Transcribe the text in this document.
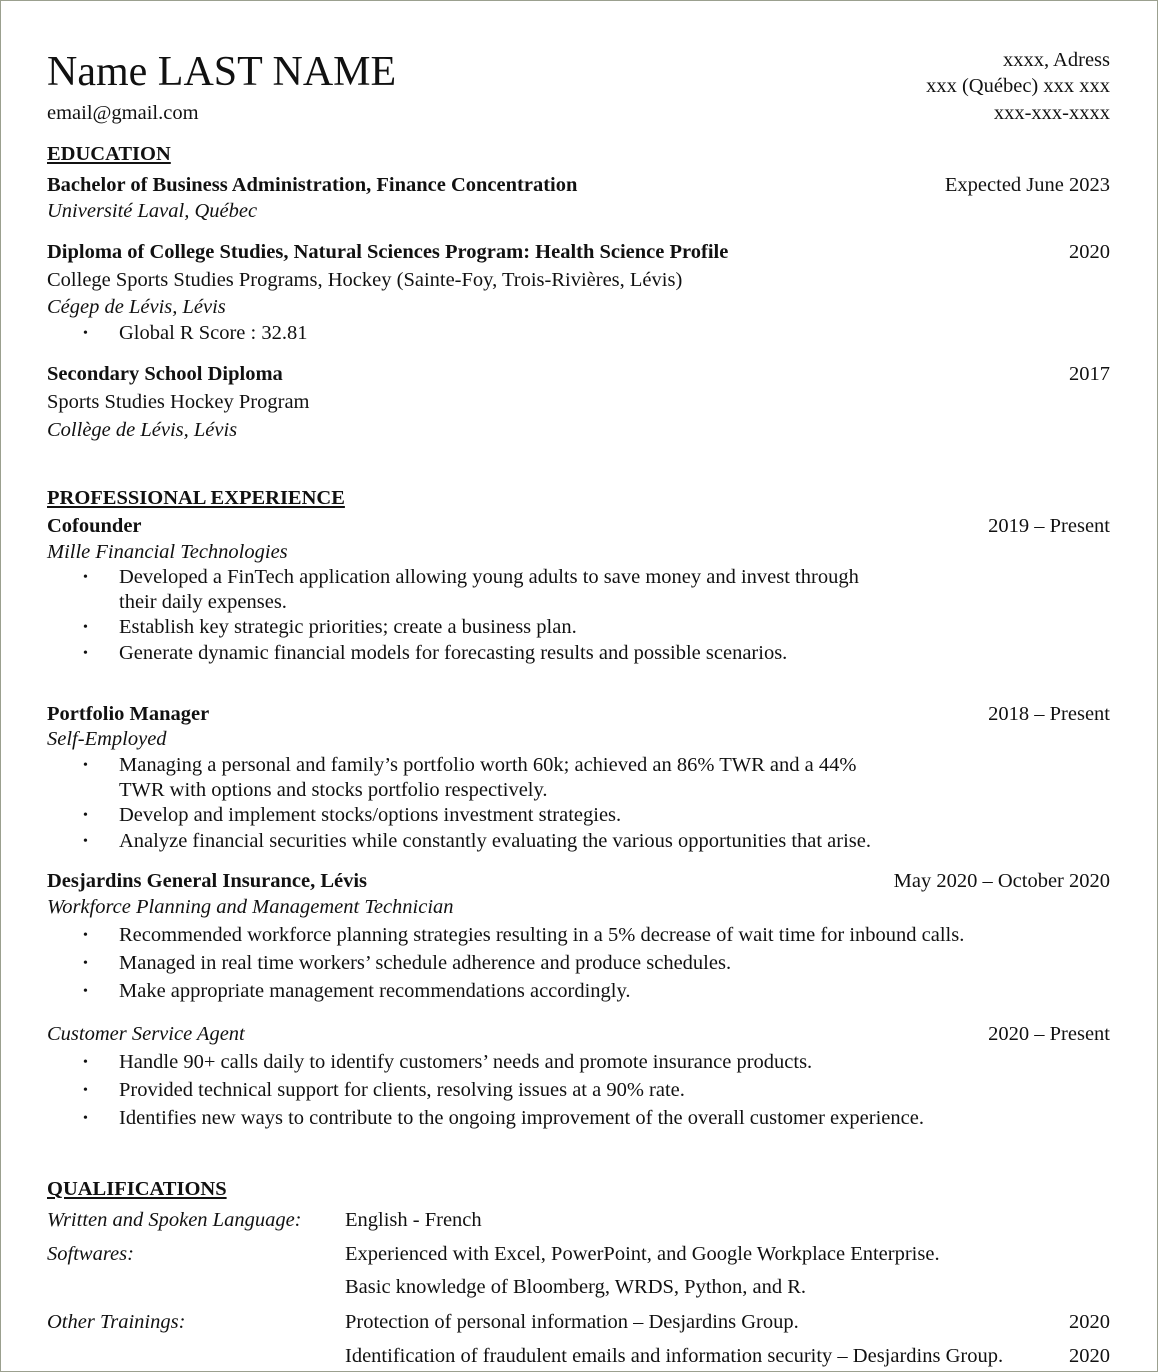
Name LAST NAME
email@gmail.com
xxxx, Adress
xxx (Québec) xxx xxx
xxx-xxx-xxxx
EDUCATION
Bachelor of Business Administration, Finance Concentration	Expected June 2023
Université Laval, Québec
Diploma of College Studies, Natural Sciences Program: Health Science Profile	2020
College Sports Studies Programs, Hockey (Sainte-Foy, Trois-Rivières, Lévis)
Cégep de Lévis, Lévis
• Global R Score : 32.81
Secondary School Diploma	2017
Sports Studies Hockey Program
Collège de Lévis, Lévis
PROFESSIONAL EXPERIENCE
Cofounder	2019 – Present
Mille Financial Technologies
• Developed a FinTech application allowing young adults to save money and invest through
their daily expenses.
• Establish key strategic priorities; create a business plan.
• Generate dynamic financial models for forecasting results and possible scenarios.
Portfolio Manager	2018 – Present
Self-Employed
• Managing a personal and family’s portfolio worth 60k; achieved an 86% TWR and a 44%
TWR with options and stocks portfolio respectively.
• Develop and implement stocks/options investment strategies.
• Analyze financial securities while constantly evaluating the various opportunities that arise.
Desjardins General Insurance, Lévis	May 2020 – October 2020
Workforce Planning and Management Technician
• Recommended workforce planning strategies resulting in a 5% decrease of wait time for inbound calls.
• Managed in real time workers’ schedule adherence and produce schedules.
• Make appropriate management recommendations accordingly.
Customer Service Agent	2020 – Present
• Handle 90+ calls daily to identify customers’ needs and promote insurance products.
• Provided technical support for clients, resolving issues at a 90% rate.
• Identifies new ways to contribute to the ongoing improvement of the overall customer experience.
QUALIFICATIONS
Written and Spoken Language: English - French
Softwares:	Experienced with Excel, PowerPoint, and Google Workplace Enterprise.
Basic knowledge of Bloomberg, WRDS, Python, and R.
Other Trainings:	Protection of personal information – Desjardins Group.	2020
Identification of fraudulent emails and information security – Desjardins Group.	2020
